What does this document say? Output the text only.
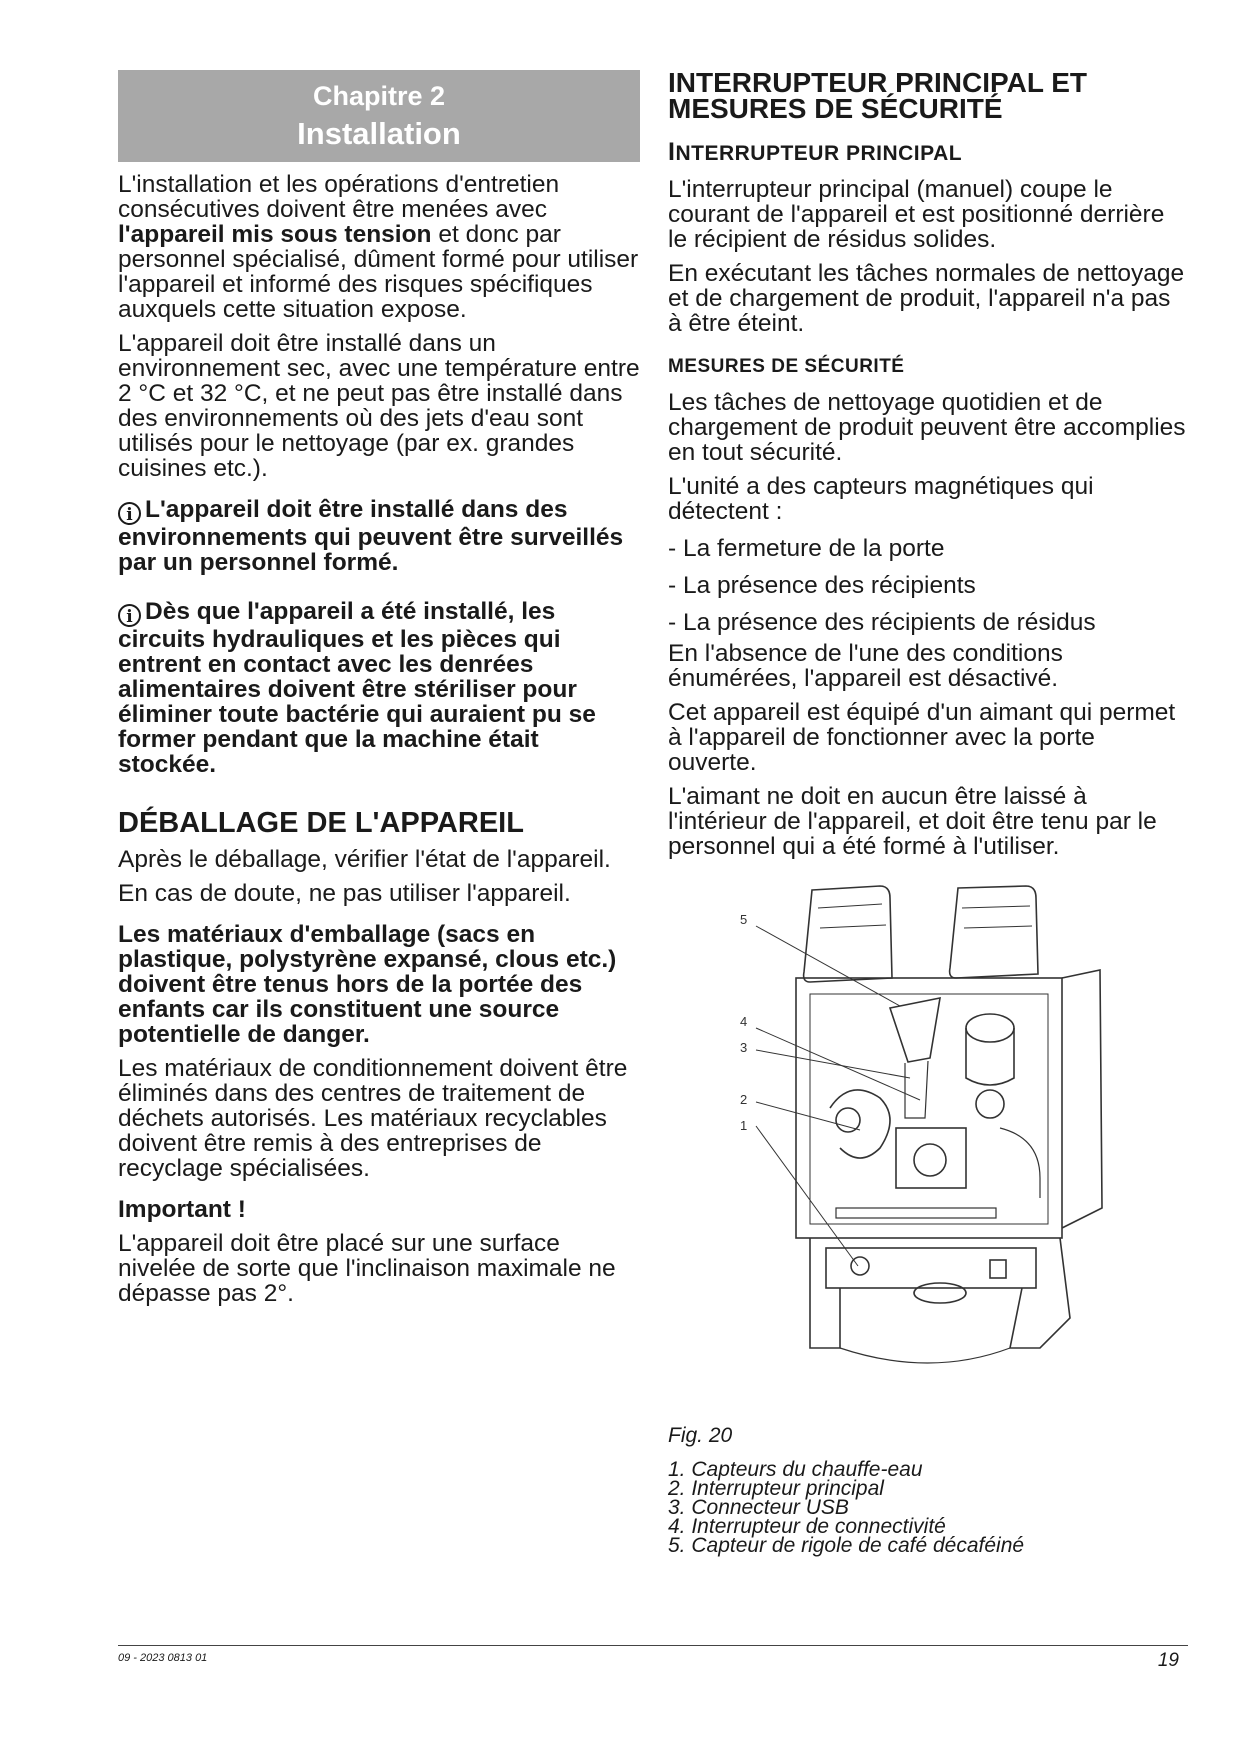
Chapitre 2
Installation

L'installation et les opérations d'entretien consécutives doivent être menées avec l'appareil mis sous tension et donc par personnel spécialisé, dûment formé pour utiliser l'appareil et informé des risques spécifiques auxquels cette situation expose.

L'appareil doit être installé dans un environnement sec, avec une température entre 2 °C et 32 °C, et ne peut pas être installé dans des environnements où des jets d'eau sont utilisés pour le nettoyage (par ex. grandes cuisines etc.).

i L'appareil doit être installé dans des environnements qui peuvent être surveillés par un personnel formé.

i Dès que l'appareil a été installé, les circuits hydrauliques et les pièces qui entrent en contact avec les denrées alimentaires doivent être stériliser pour éliminer toute bactérie qui auraient pu se former pendant que la machine était stockée.

DÉBALLAGE DE L'APPAREIL

Après le déballage, vérifier l'état de l'appareil.

En cas de doute, ne pas utiliser l'appareil.

Les matériaux d'emballage (sacs en plastique, polystyrène expansé, clous etc.) doivent être tenus hors de la portée des enfants car ils constituent une source potentielle de danger.

Les matériaux de conditionnement doivent être éliminés dans des centres de traitement de déchets autorisés. Les matériaux recyclables doivent être remis à des entreprises de recyclage spécialisées.

Important !

L'appareil doit être placé sur une surface nivelée de sorte que l'inclinaison maximale ne dépasse pas 2°.

INTERRUPTEUR PRINCIPAL ET MESURES DE SÉCURITÉ
INTERRUPTEUR PRINCIPAL

L'interrupteur principal (manuel) coupe le courant de l'appareil et est positionné derrière le récipient de résidus solides.

En exécutant les tâches normales de nettoyage et de chargement de produit, l'appareil n'a pas à être éteint.

MESURES DE SÉCURITÉ

Les tâches de nettoyage quotidien et de chargement de produit peuvent être accomplies en tout sécurité.

L'unité a des capteurs magnétiques qui détectent :

- La fermeture de la porte
- La présence des récipients
- La présence des récipients de résidus

En l'absence de l'une des conditions énumérées, l'appareil est désactivé.

Cet appareil est équipé d'un aimant qui permet à l'appareil de fonctionner avec la porte ouverte.

L'aimant ne doit en aucun être laissé à l'intérieur de l'appareil, et doit être tenu par le personnel qui a été formé à l'utiliser.

5
4
3
2
1
Fig. 20
1. Capteurs du chauffe-eau
2. Interrupteur principal
3. Connecteur USB
4. Interrupteur de connectivité
5. Capteur de rigole de café décaféiné
09 - 2023 0813 01	19
